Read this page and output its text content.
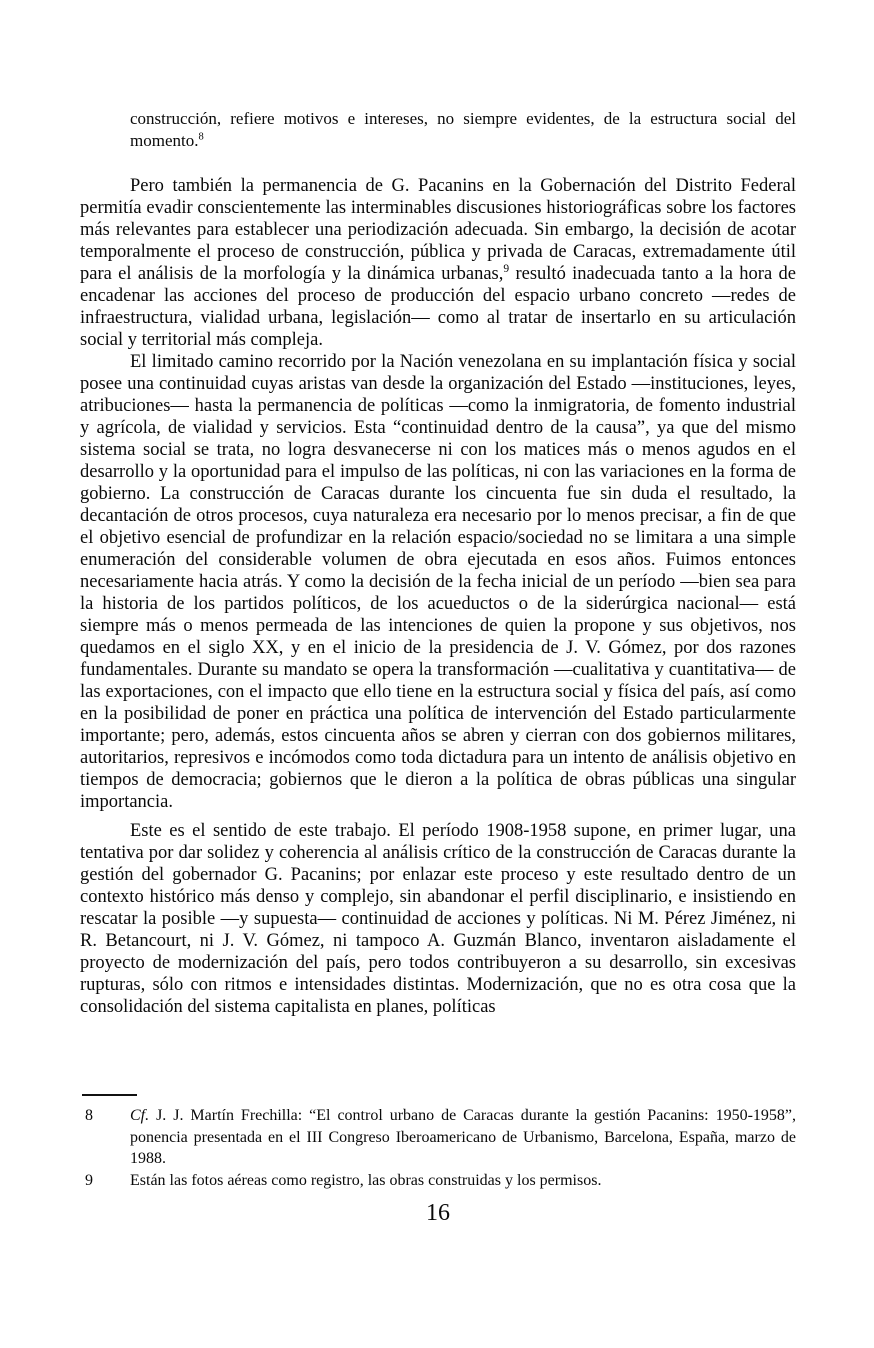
construcción, refiere motivos e intereses, no siempre evidentes, de la estructura social del momento.$^8$

Pero también la permanencia de G. Pacanins en la Gobernación del Distrito Federal permitía evadir conscientemente las interminables discusiones historiográficas sobre los factores más relevantes para establecer una periodización adecuada. Sin embargo, la decisión de acotar temporalmente el proceso de construcción, pública y privada de Caracas, extremadamente útil para el análisis de la morfología y la dinámica urbanas,$^9$ resultó inadecuada tanto a la hora de encadenar las acciones del proceso de producción del espacio urbano concreto —redes de infraestructura, vialidad urbana, legislación— como al tratar de insertarlo en su articulación social y territorial más compleja.

El limitado camino recorrido por la Nación venezolana en su implantación física y social posee una continuidad cuyas aristas van desde la organización del Estado —instituciones, leyes, atribuciones— hasta la permanencia de políticas —como la inmigratoria, de fomento industrial y agrícola, de vialidad y servicios. Esta “continuidad dentro de la causa”, ya que del mismo sistema social se trata, no logra desvanecerse ni con los matices más o menos agudos en el desarrollo y la oportunidad para el impulso de las políticas, ni con las variaciones en la forma de gobierno. La construcción de Caracas durante los cincuenta fue sin duda el resultado, la decantación de otros procesos, cuya naturaleza era necesario por lo menos precisar, a fin de que el objetivo esencial de profundizar en la relación espacio/sociedad no se limitara a una simple enumeración del considerable volumen de obra ejecutada en esos años. Fuimos entonces necesariamente hacia atrás. Y como la decisión de la fecha inicial de un período —bien sea para la historia de los partidos políticos, de los acueductos o de la siderúrgica nacional— está siempre más o menos permeada de las intenciones de quien la propone y sus objetivos, nos quedamos en el siglo XX, y en el inicio de la presidencia de J. V. Gómez, por dos razones fundamentales. Durante su mandato se opera la transformación —cualitativa y cuantitativa— de las exportaciones, con el impacto que ello tiene en la estructura social y física del país, así como en la posibilidad de poner en práctica una política de intervención del Estado particularmente importante; pero, además, estos cincuenta años se abren y cierran con dos gobiernos militares, autoritarios, represivos e incómodos como toda dictadura para un intento de análisis objetivo en tiempos de democracia; gobiernos que le dieron a la política de obras públicas una singular importancia.

Este es el sentido de este trabajo. El período 1908-1958 supone, en primer lugar, una tentativa por dar solidez y coherencia al análisis crítico de la construcción de Caracas durante la gestión del gobernador G. Pacanins; por enlazar este proceso y este resultado dentro de un contexto histórico más denso y complejo, sin abandonar el perfil disciplinario, e insistiendo en rescatar la posible —y supuesta— continuidad de acciones y políticas. Ni M. Pérez Jiménez, ni R. Betancourt, ni J. V. Gómez, ni tampoco A. Guzmán Blanco, inventaron aisladamente el proyecto de modernización del país, pero todos contribuyeron a su desarrollo, sin excesivas rupturas, sólo con ritmos e intensidades distintas. Modernización, que no es otra cosa que la consolidación del sistema capitalista en planes, políticas

8 Cf. J. J. Martín Frechilla: “El control urbano de Caracas durante la gestión Pacanins: 1950-1958”, ponencia presentada en el III Congreso Iberoamericano de Urbanismo, Barcelona, España, marzo de 1988.
9 Están las fotos aéreas como registro, las obras construidas y los permisos.
16
